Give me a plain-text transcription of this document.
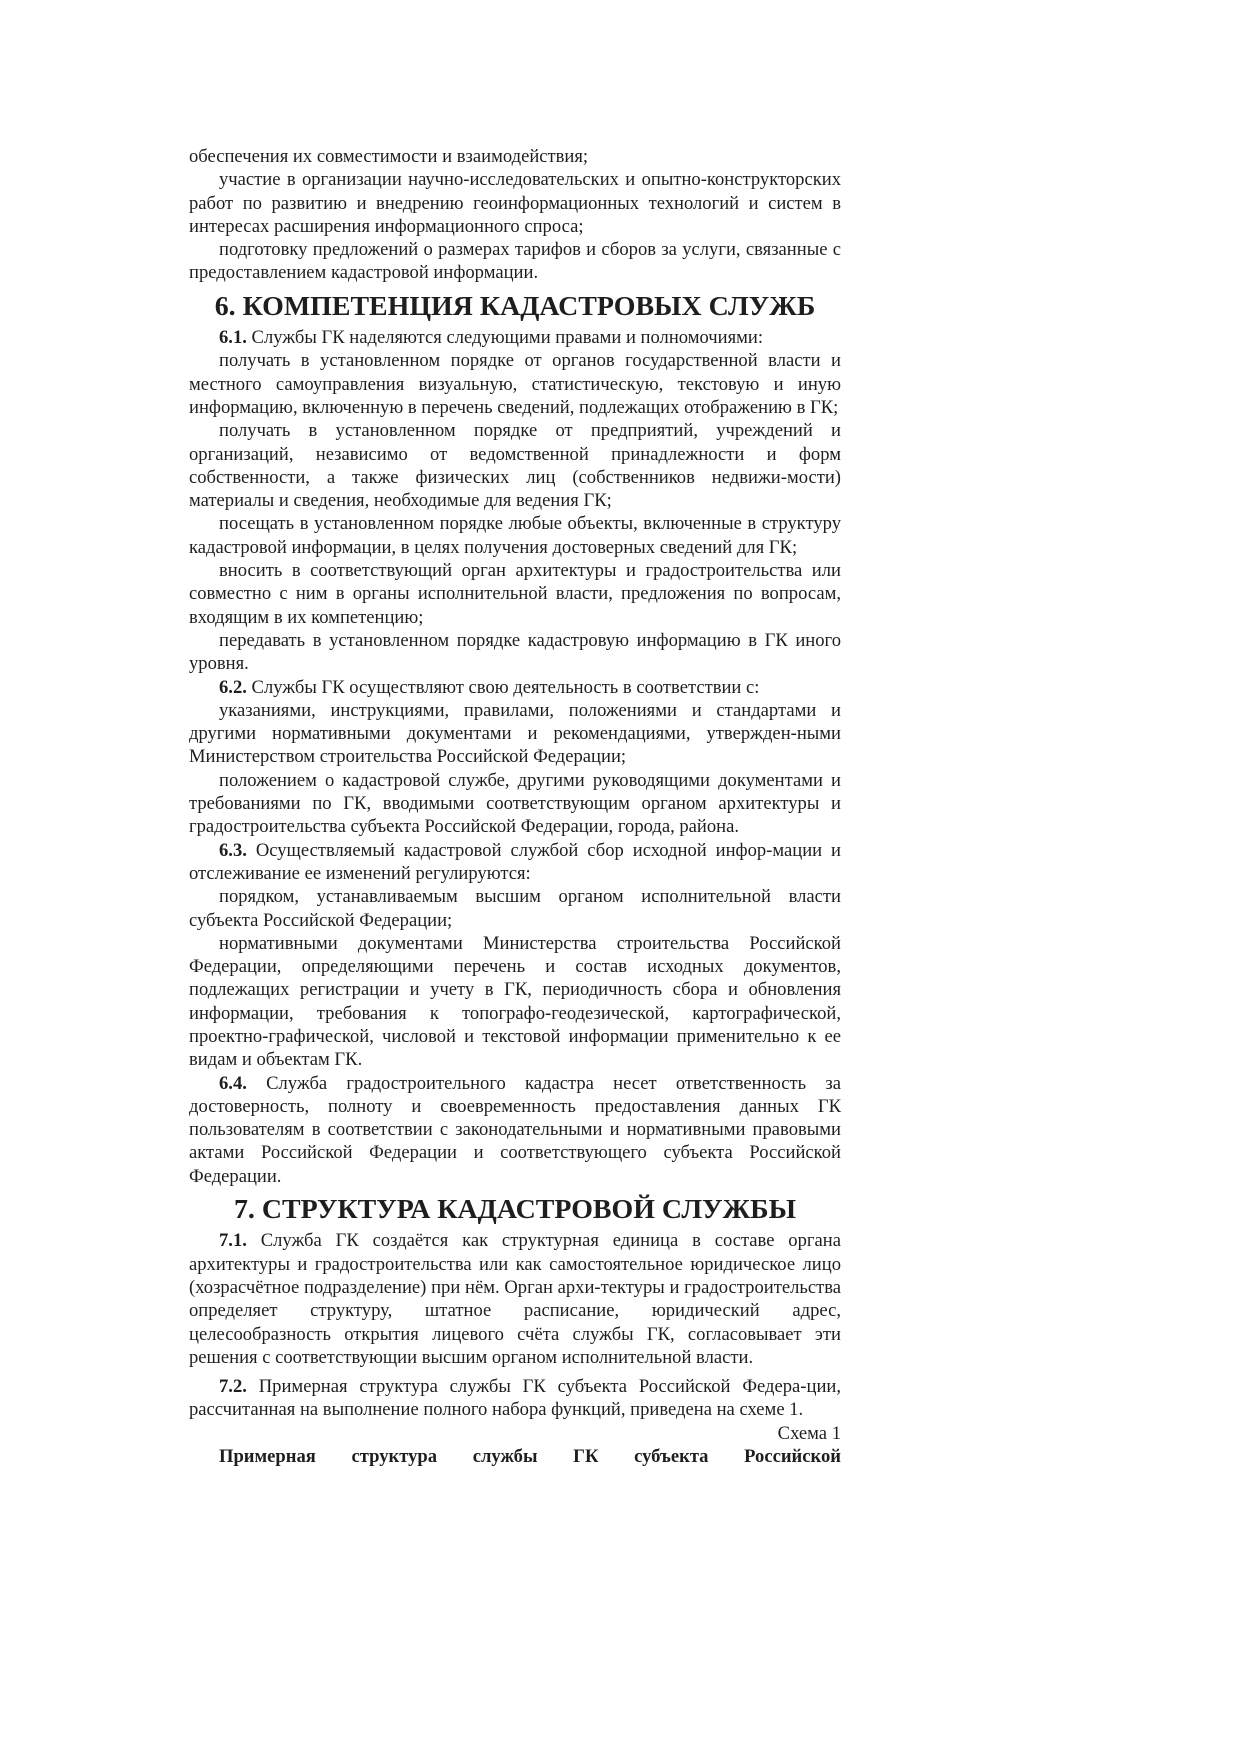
обеспечения их совместимости и взаимодействия;

участие в организации научно-исследовательских и опытно-конструкторских работ по развитию и внедрению геоинформационных технологий и систем в интересах расширения информационного спроса;

подготовку предложений о размерах тарифов и сборов за услуги, связанные с предоставлением кадастровой информации.

6. КОМПЕТЕНЦИЯ КАДАСТРОВЫХ СЛУЖБ

6.1. Службы ГК наделяются следующими правами и полномочиями:

получать в установленном порядке от органов государственной власти и местного самоуправления визуальную, статистическую, текстовую и иную информацию, включенную в перечень сведений, подлежащих отображению в ГК;

получать в установленном порядке от предприятий, учреждений и организаций, независимо от ведомственной принадлежности и форм собственности, а также физических лиц (собственников недвижи-мости) материалы и сведения, необходимые для ведения ГК;

посещать в установленном порядке любые объекты, включенные в структуру кадастровой информации, в целях получения достоверных сведений для ГК;

вносить в соответствующий орган архитектуры и градостроительства или совместно с ним в органы исполнительной власти, предложения по вопросам, входящим в их компетенцию;

передавать в установленном порядке кадастровую информацию в ГК иного уровня.

6.2. Службы ГК осуществляют свою деятельность в соответствии с:

указаниями, инструкциями, правилами, положениями и стандартами и другими нормативными документами и рекомендациями, утвержден-ными Министерством строительства Российской Федерации;

положением о кадастровой службе, другими руководящими документами и требованиями по ГК, вводимыми соответствующим органом архитектуры и градостроительства субъекта Российской Федерации, города, района.

6.3. Осуществляемый кадастровой службой сбор исходной инфор-мации и отслеживание ее изменений регулируются:

порядком, устанавливаемым высшим органом исполнительной власти субъекта Российской Федерации;

нормативными документами Министерства строительства Российской Федерации, определяющими перечень и состав исходных документов, подлежащих регистрации и учету в ГК, периодичность сбора и обновления информации, требования к топографо-геодезической, картографической, проектно-графической, числовой и текстовой информации применительно к ее видам и объектам ГК.

6.4. Служба градостроительного кадастра несет ответственность за достоверность, полноту и своевременность предоставления данных ГК пользователям в соответствии с законодательными и нормативными правовыми актами Российской Федерации и соответствующего субъекта Российской Федерации.

7. СТРУКТУРА КАДАСТРОВОЙ СЛУЖБЫ

7.1. Служба ГК создаётся как структурная единица в составе органа архитектуры и градостроительства или как самостоятельное юридическое лицо (хозрасчётное подразделение) при нём. Орган архи-тектуры и градостроительства определяет структуру, штатное расписание, юридический адрес, целесообразность открытия лицевого счёта службы ГК, согласовывает эти решения с соответствующии высшим органом исполнительной власти.

7.2. Примерная структура службы ГК субъекта Российской Федера-ции, рассчитанная на выполнение полного набора функций, приведена на схеме 1.

Схема 1

Примерная структура службы ГК субъекта Российской
